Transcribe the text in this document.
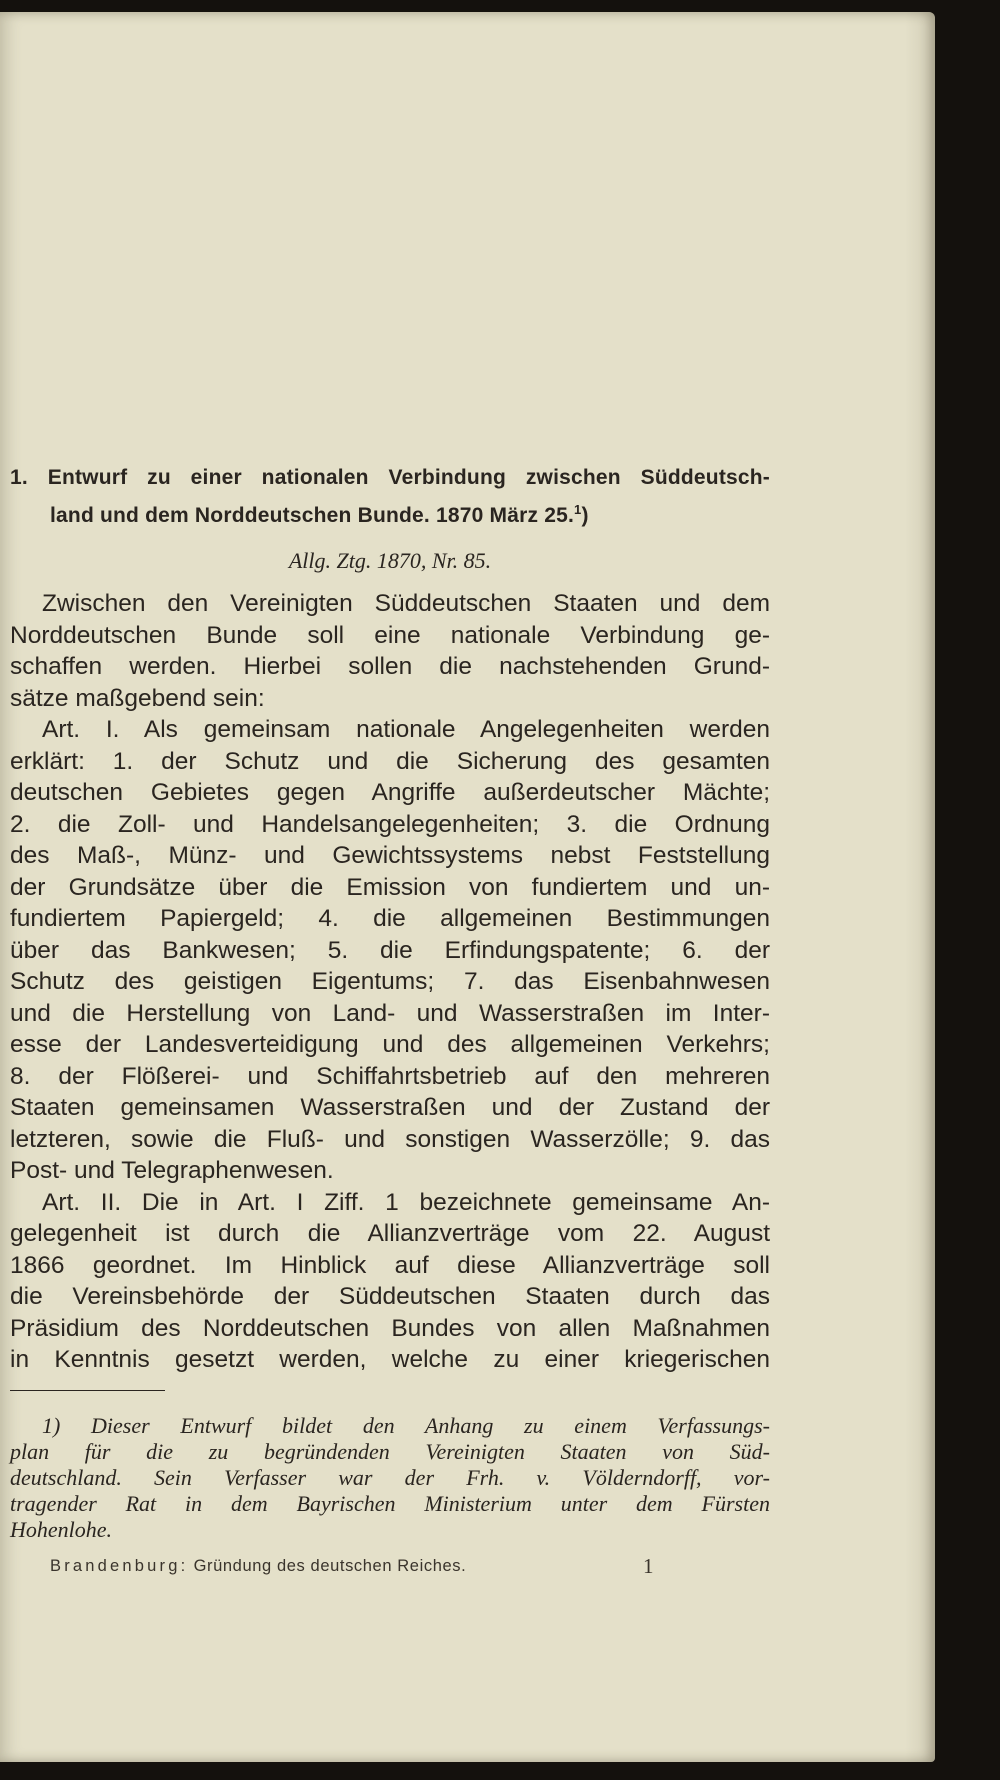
1. Entwurf zu einer nationalen Verbindung zwischen Süddeutsch-
land und dem Norddeutschen Bunde. 1870 März 25.$^1$)
Allg. Ztg. 1870, Nr. 85.
Zwischen den Vereinigten Süddeutschen Staaten und dem
Norddeutschen Bunde soll eine nationale Verbindung ge-
schaffen werden. Hierbei sollen die nachstehenden Grund-
sätze maßgebend sein:
Art. I. Als gemeinsam nationale Angelegenheiten werden
erklärt: 1. der Schutz und die Sicherung des gesamten
deutschen Gebietes gegen Angriffe außerdeutscher Mächte;
2. die Zoll- und Handelsangelegenheiten; 3. die Ordnung
des Maß-, Münz- und Gewichtssystems nebst Feststellung
der Grundsätze über die Emission von fundiertem und un-
fundiertem Papiergeld; 4. die allgemeinen Bestimmungen
über das Bankwesen; 5. die Erfindungspatente; 6. der
Schutz des geistigen Eigentums; 7. das Eisenbahnwesen
und die Herstellung von Land- und Wasserstraßen im Inter-
esse der Landesverteidigung und des allgemeinen Verkehrs;
8. der Flößerei- und Schiffahrtsbetrieb auf den mehreren
Staaten gemeinsamen Wasserstraßen und der Zustand der
letzteren, sowie die Fluß- und sonstigen Wasserzölle; 9. das
Post- und Telegraphenwesen.
Art. II. Die in Art. I Ziff. 1 bezeichnete gemeinsame An-
gelegenheit ist durch die Allianzverträge vom 22. August
1866 geordnet. Im Hinblick auf diese Allianzverträge soll
die Vereinsbehörde der Süddeutschen Staaten durch das
Präsidium des Norddeutschen Bundes von allen Maßnahmen
in Kenntnis gesetzt werden, welche zu einer kriegerischen
1) Dieser Entwurf bildet den Anhang zu einem Verfassungs-
plan für die zu begründenden Vereinigten Staaten von Süd-
deutschland. Sein Verfasser war der Frh. v. Völderndorff, vor-
tragender Rat in dem Bayrischen Ministerium unter dem Fürsten
Hohenlohe.
Brandenburg: Gründung des deutschen Reiches.	1
